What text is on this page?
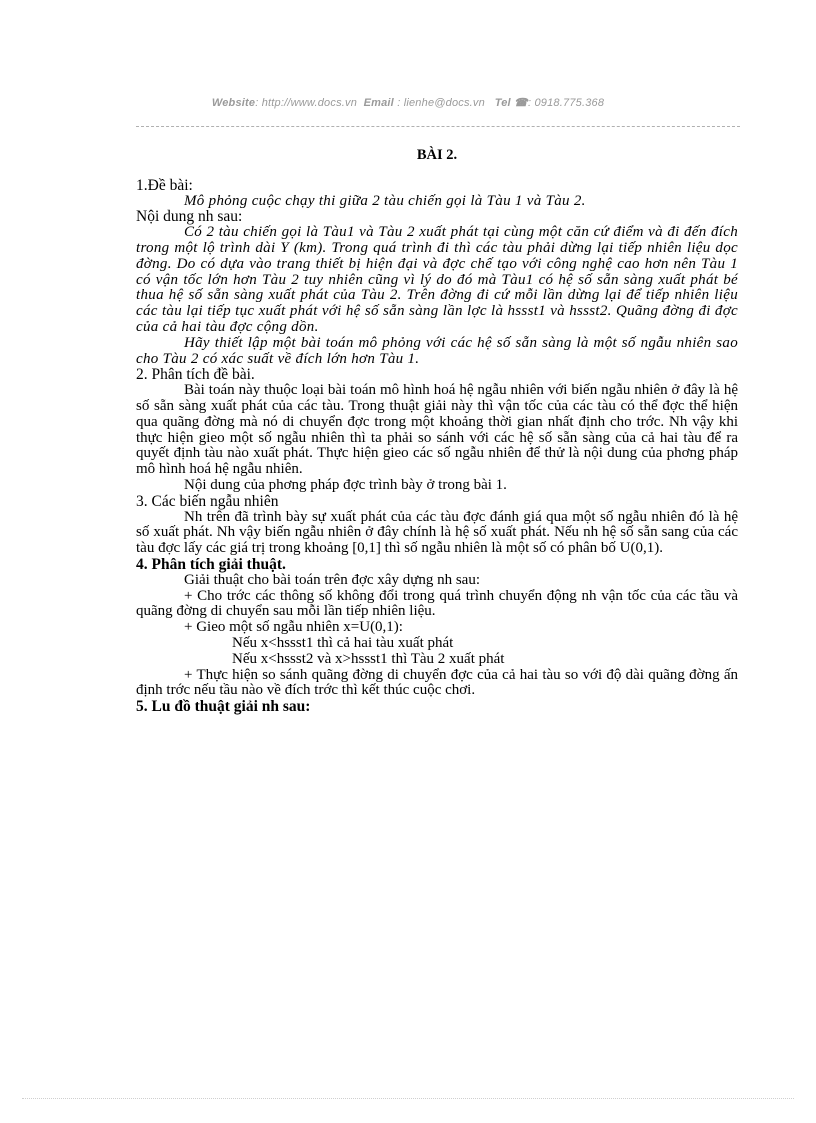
Website: http://www.docs.vn Email : lienhe@docs.vn Tel ☎: 0918.775.368

BÀI 2.

1.Đề bài:

Mô phỏng cuộc chạy thi giữa 2 tàu chiến gọi là Tàu 1 và Tàu 2.

Nội dung nh sau:

Có 2 tàu chiến gọi là Tàu1 và Tàu 2 xuất phát tại cùng một căn cứ điểm và đi đến đích trong một lộ trình dài Y (km). Trong quá trình đi thì các tàu phải dừng lại tiếp nhiên liệu dọc đờng. Do có dựa vào trang thiết bị hiện đại và đợc chế tạo với công nghệ cao hơn nên Tàu 1 có vận tốc lớn hơn Tàu 2 tuy nhiên cũng vì lý do đó mà Tàu1 có hệ số sẵn sàng xuất phát bé thua hệ số sẵn sàng xuất phát của Tàu 2. Trên đờng đi cứ mỗi lần dừng lại để tiếp nhiên liệu các tàu lại tiếp tục xuất phát với hệ số sẵn sàng lần lợc là hssst1 và hssst2. Quãng đờng đi đợc của cả hai tàu đợc cộng dồn.

Hãy thiết lập một bài toán mô phỏng với các hệ số sẵn sàng là một số ngẫu nhiên sao cho Tàu 2 có xác suất về đích lớn hơn Tàu 1.

2. Phân tích đề bài.

Bài toán này thuộc loại bài toán mô hình hoá hệ ngẫu nhiên với biến ngẫu nhiên ở đây là hệ số sẵn sàng xuất phát của các tàu. Trong thuật giải này thì vận tốc của các tàu có thể đợc thể hiện qua quãng đờng mà nó di chuyển đợc trong một khoảng thời gian nhất định cho trớc. Nh vậy khi thực hiện gieo một số ngẫu nhiên thì ta phải so sánh với các hệ số sẵn sàng của cả hai tàu để ra quyết định tàu nào xuất phát. Thực hiện gieo các số ngẫu nhiên để thử là nội dung của phơng pháp mô hình hoá hệ ngẫu nhiên.

Nội dung của phơng pháp đợc trình bày ở trong bài 1.

3. Các biến ngẫu nhiên

Nh trên đã trình bày sự xuất phát của các tàu đợc đánh giá qua một số ngẫu nhiên đó là hệ số xuất phát. Nh vậy biến ngẫu nhiên ở đây chính là hệ số xuất phát. Nếu nh hệ số sẵn sang của các tàu đợc lấy các giá trị trong khoảng [0,1] thì số ngẫu nhiên là một số có phân bố U(0,1).

4. Phân tích giải thuật.

Giải thuật cho bài toán trên đợc xây dựng nh sau:

+ Cho trớc các thông số không đổi trong quá trình chuyển động nh vận tốc của các tầu và quãng đờng di chuyển sau mỗi lần tiếp nhiên liệu.

+ Gieo một số ngẫu nhiên x=U(0,1):

Nếu x<hssst1 thì cả hai tàu xuất phát

Nếu x<hssst2 và x>hssst1 thì Tàu 2 xuất phát

+ Thực hiện so sánh quãng đờng di chuyển đợc của cả hai tàu so với độ dài quãng đờng ấn định trớc nếu tầu nào về đích trớc thì kết thúc cuộc chơi.

5. Lu đồ thuật giải nh sau:
